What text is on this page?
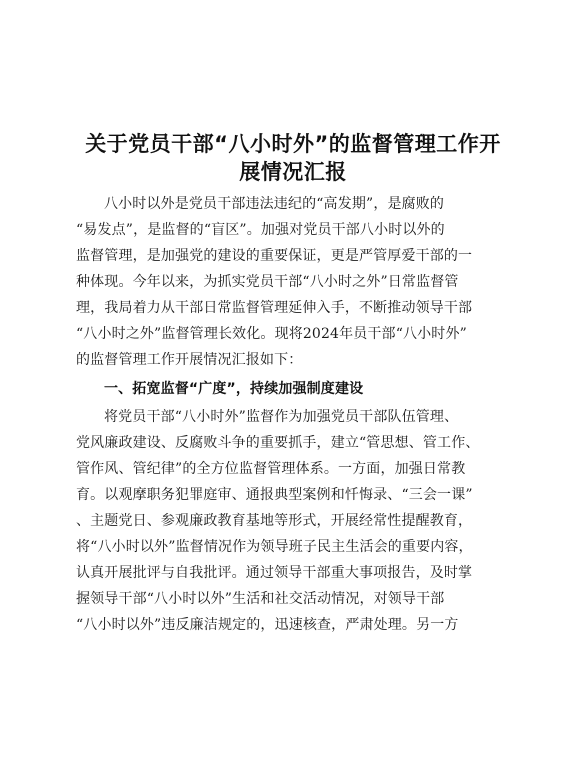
关于党员干部“八小时外”的监督管理工作开
展情况汇报
八小时以外是党员干部违法违纪的“高发期”，是腐败的
“易发点”，是监督的“盲区”。加强对党员干部八小时以外的
监督管理，是加强党的建设的重要保证，更是严管厚爱干部的一
种体现。今年以来，为抓实党员干部“八小时之外”日常监督管
理，我局着力从干部日常监督管理延伸入手，不断推动领导干部
“八小时之外”监督管理长效化。现将2024年员干部“八小时外”
的监督管理工作开展情况汇报如下：
一、拓宽监督“广度”，持续加强制度建设
将党员干部“八小时外”监督作为加强党员干部队伍管理、
党风廉政建设、反腐败斗争的重要抓手，建立“管思想、管工作、
管作风、管纪律”的全方位监督管理体系。一方面，加强日常教
育。以观摩职务犯罪庭审、通报典型案例和忏悔录、“三会一课”
、主题党日、参观廉政教育基地等形式，开展经常性提醒教育，
将“八小时以外”监督情况作为领导班子民主生活会的重要内容，
认真开展批评与自我批评。通过领导干部重大事项报告，及时掌
握领导干部“八小时以外”生活和社交活动情况，对领导干部
“八小时以外”违反廉洁规定的，迅速核查，严肃处理。另一方
